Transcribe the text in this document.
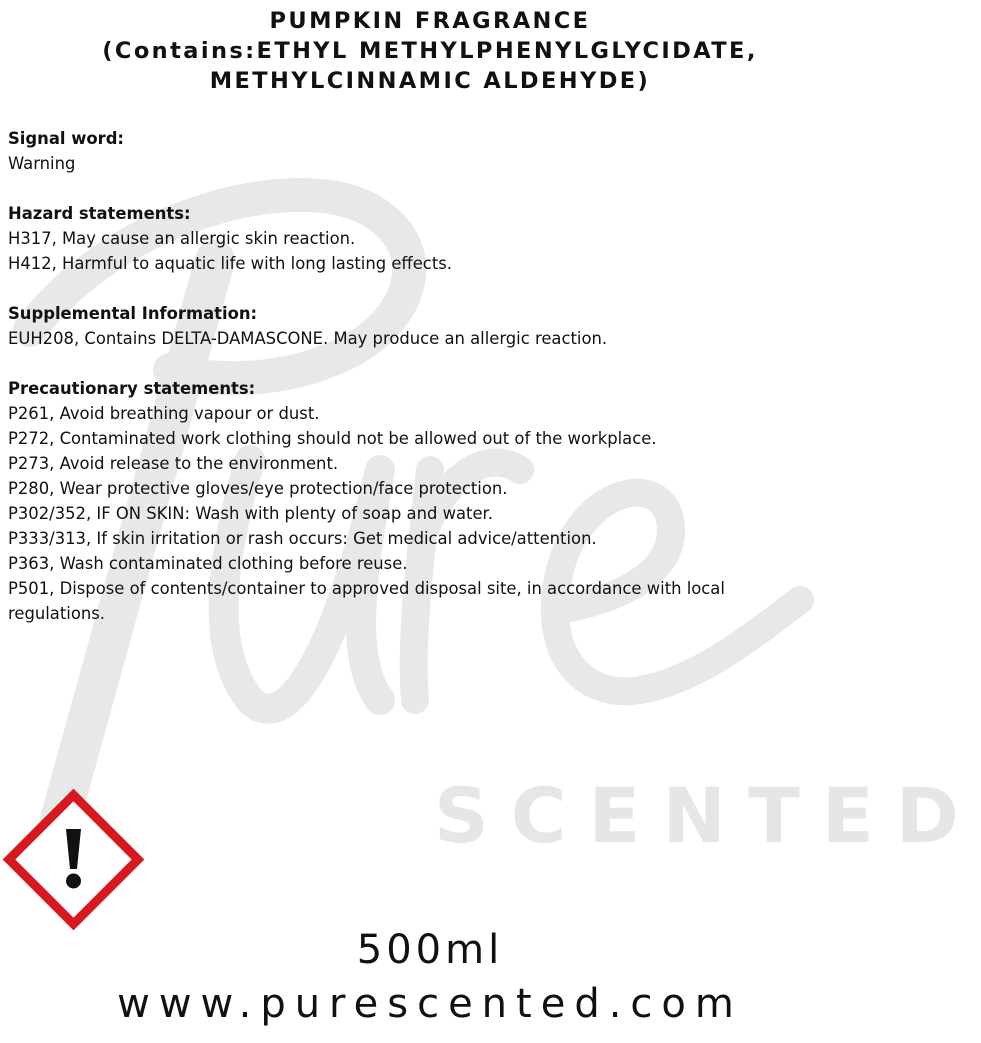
SCENTED
PUMPKIN FRAGRANCE
(Contains:ETHYL METHYLPHENYLGLYCIDATE,
METHYLCINNAMIC ALDEHYDE)
Signal word:
Warning
Hazard statements:
H317, May cause an allergic skin reaction.
H412, Harmful to aquatic life with long lasting effects.
Supplemental Information:
EUH208, Contains DELTA-DAMASCONE. May produce an allergic reaction.
Precautionary statements:
P261, Avoid breathing vapour or dust.
P272, Contaminated work clothing should not be allowed out of the workplace.
P273, Avoid release to the environment.
P280, Wear protective gloves/eye protection/face protection.
P302/352, IF ON SKIN: Wash with plenty of soap and water.
P333/313, If skin irritation or rash occurs: Get medical advice/attention.
P363, Wash contaminated clothing before reuse.
P501, Dispose of contents/container to approved disposal site, in accordance with local regulations.
500ml
www.purescented.com
